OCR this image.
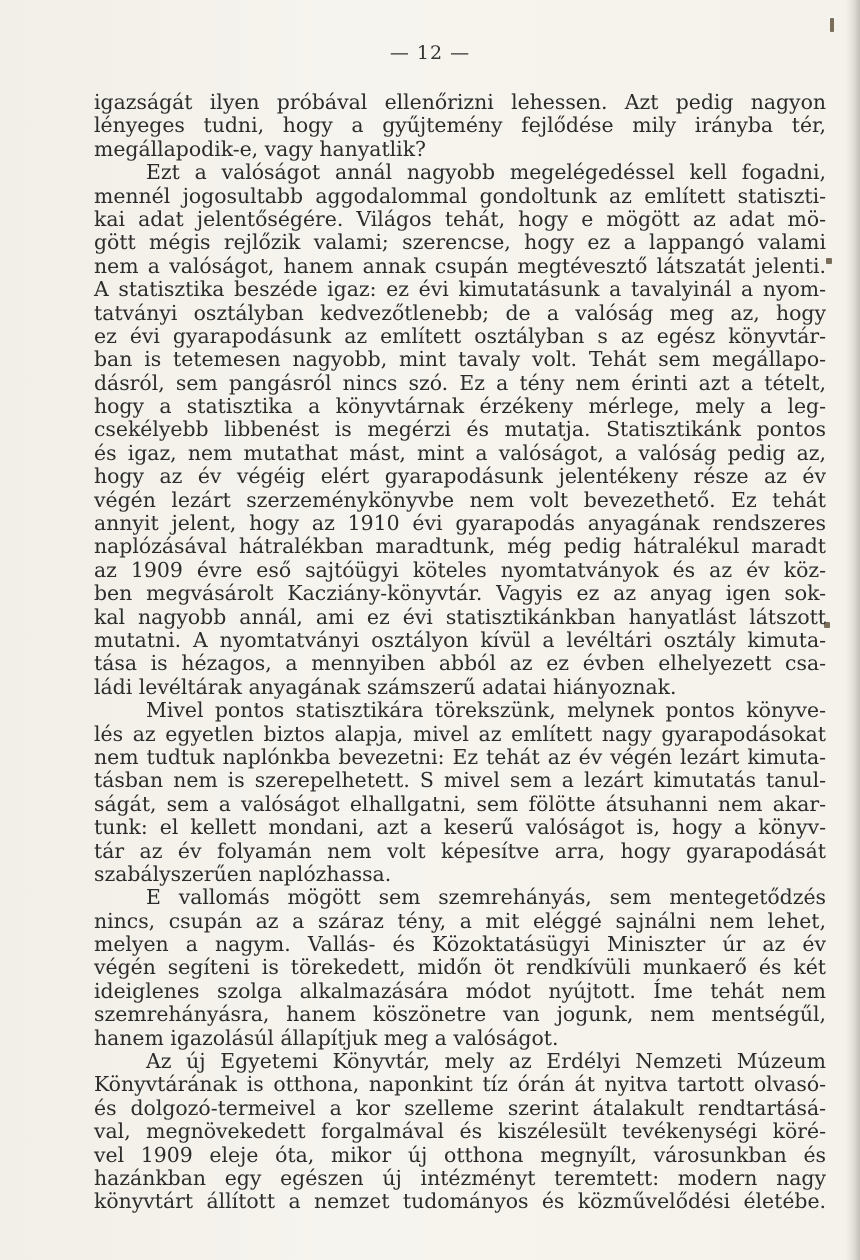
— 12 —
igazságát ilyen próbával ellenőrizni lehessen. Azt pedig nagyon
lényeges tudni, hogy a gyűjtemény fejlődése mily irányba tér,
megállapodik-e, vagy hanyatlik?
Ezt a valóságot annál nagyobb megelégedéssel kell fogadni,
mennél jogosultabb aggodalommal gondoltunk az említett statiszti-
kai adat jelentőségére. Világos tehát, hogy e mögött az adat mö-
gött mégis rejlőzik valami; szerencse, hogy ez a lappangó valami
nem a valóságot, hanem annak csupán megtévesztő látszatát jelenti.
A statisztika beszéde igaz: ez évi kimutatásunk a tavalyinál a nyom-
tatványi osztályban kedvezőtlenebb; de a valóság meg az, hogy
ez évi gyarapodásunk az említett osztályban s az egész könyvtár-
ban is tetemesen nagyobb, mint tavaly volt. Tehát sem megállapo-
dásról, sem pangásról nincs szó. Ez a tény nem érinti azt a tételt,
hogy a statisztika a könyvtárnak érzékeny mérlege, mely a leg-
csekélyebb libbenést is megérzi és mutatja. Statisztikánk pontos
és igaz, nem mutathat mást, mint a valóságot, a valóság pedig az,
hogy az év végéig elért gyarapodásunk jelentékeny része az év
végén lezárt szerzeménykönyvbe nem volt bevezethető. Ez tehát
annyit jelent, hogy az 1910 évi gyarapodás anyagának rendszeres
naplózásával hátralékban maradtunk, még pedig hátralékul maradt
az 1909 évre eső sajtóügyi köteles nyomtatványok és az év köz-
ben megvásárolt Kacziány-könyvtár. Vagyis ez az anyag igen sok-
kal nagyobb annál, ami ez évi statisztikánkban hanyatlást látszott
mutatni. A nyomtatványi osztályon kívül a levéltári osztály kimuta-
tása is hézagos, a mennyiben abból az ez évben elhelyezett csa-
ládi levéltárak anyagának számszerű adatai hiányoznak.
Mivel pontos statisztikára törekszünk, melynek pontos könyve-
lés az egyetlen biztos alapja, mivel az említett nagy gyarapodásokat
nem tudtuk naplónkba bevezetni: Ez tehát az év végén lezárt kimuta-
tásban nem is szerepelhetett. S mivel sem a lezárt kimutatás tanul-
ságát, sem a valóságot elhallgatni, sem fölötte átsuhanni nem akar-
tunk: el kellett mondani, azt a keserű valóságot is, hogy a könyv-
tár az év folyamán nem volt képesítve arra, hogy gyarapodását
szabályszerűen naplózhassa.
E vallomás mögött sem szemrehányás, sem mentegetődzés
nincs, csupán az a száraz tény, a mit eléggé sajnálni nem lehet,
melyen a nagym. Vallás- és Közoktatásügyi Miniszter úr az év
végén segíteni is törekedett, midőn öt rendkívüli munkaerő és két
ideiglenes szolga alkalmazására módot nyújtott. Íme tehát nem
szemrehányásra, hanem köszönetre van jogunk, nem mentségűl,
hanem igazolásúl állapítjuk meg a valóságot.
Az új Egyetemi Könyvtár, mely az Erdélyi Nemzeti Múzeum
Könyvtárának is otthona, naponkint tíz órán át nyitva tartott olvasó-
és dolgozó-termeivel a kor szelleme szerint átalakult rendtartásá-
val, megnövekedett forgalmával és kiszélesült tevékenységi köré-
vel 1909 eleje óta, mikor új otthona megnyílt, városunkban és
hazánkban egy egészen új intézményt teremtett: modern nagy
könyvtárt állított a nemzet tudományos és közművelődési életébe.
